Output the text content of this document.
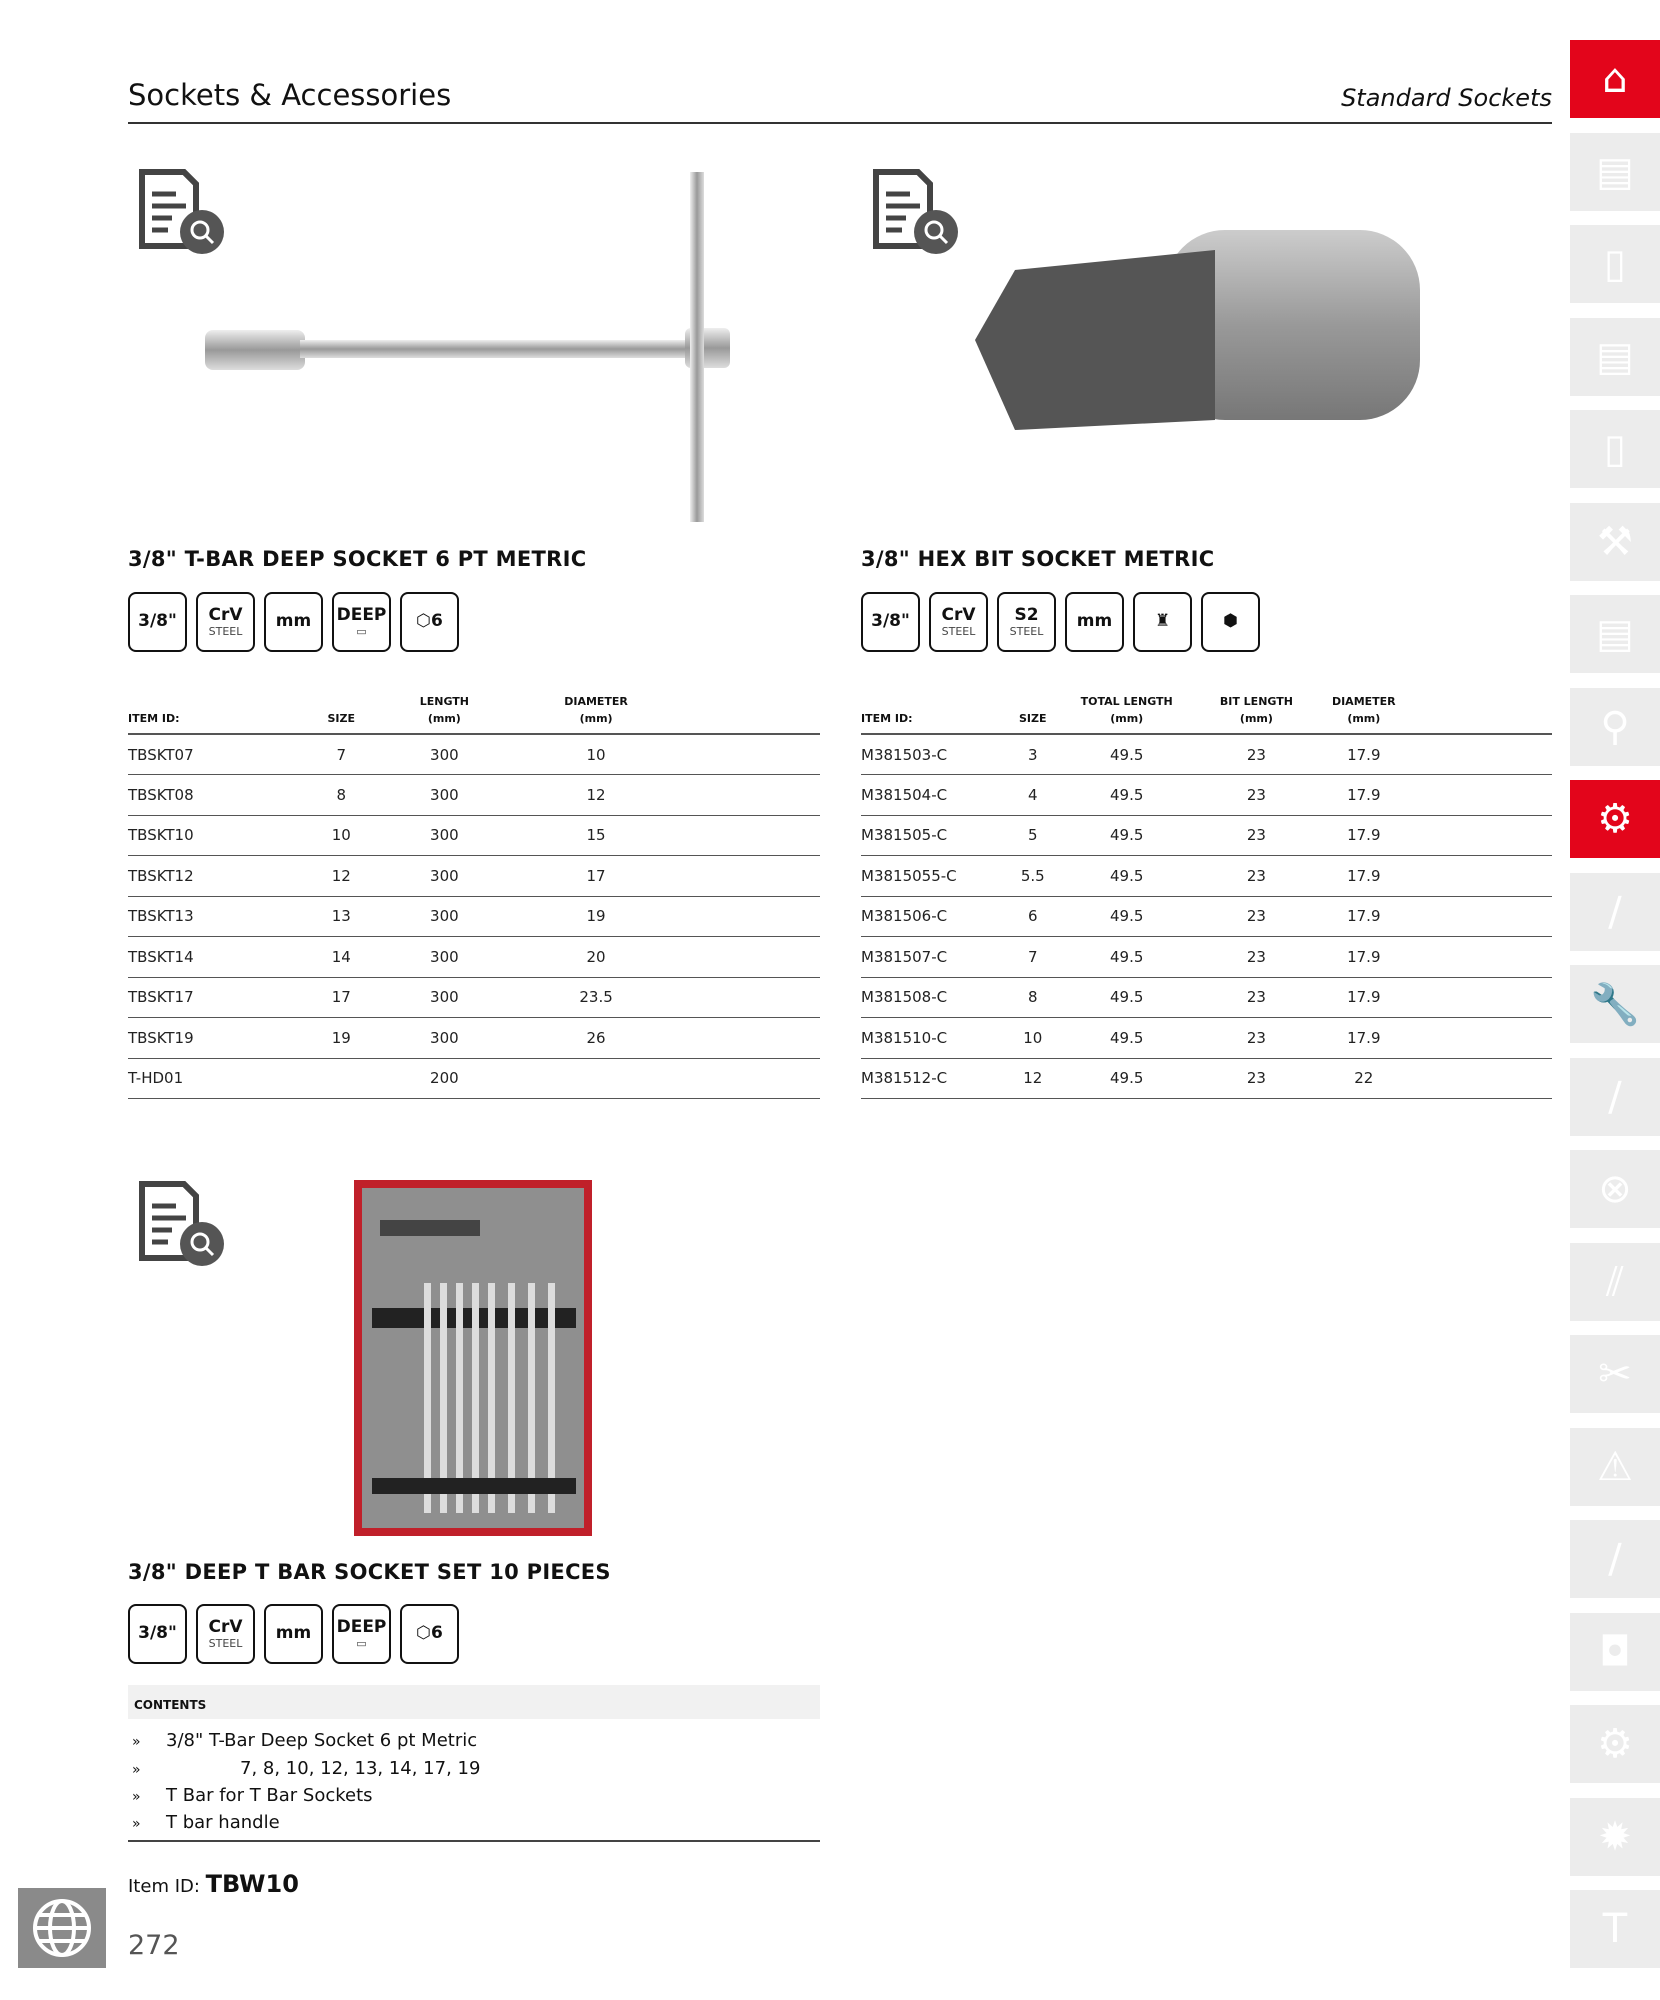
Sockets & Accessories	Standard Sockets
3/8" T-BAR DEEP SOCKET 6 PT METRIC
3/8" CrV
STEEL
mm DEEP
▭
⬡6
ITEM ID:	SIZE	LENGTH
(mm)	DIAMETER
(mm)	
TBSKT07	7	300	10	
TBSKT08	8	300	12	
TBSKT10	10	300	15	
TBSKT12	12	300	17	
TBSKT13	13	300	19	
TBSKT14	14	300	20	
TBSKT17	17	300	23.5	
TBSKT19	19	300	26	
T-HD01		200		
3/8" HEX BIT SOCKET METRIC
3/8" CrV
STEEL
S2
STEEL
mm	♜	⬢
ITEM ID:	SIZE	TOTAL LENGTH
(mm)	BIT LENGTH
(mm)	DIAMETER
(mm)	
M381503-C	3	49.5	23	17.9	
M381504-C	4	49.5	23	17.9	
M381505-C	5	49.5	23	17.9	
M3815055-C	5.5	49.5	23	17.9	
M381506-C	6	49.5	23	17.9	
M381507-C	7	49.5	23	17.9	
M381508-C	8	49.5	23	17.9	
M381510-C	10	49.5	23	17.9	
M381512-C	12	49.5	23	22	
3/8" DEEP T BAR SOCKET SET 10 PIECES
3/8" CrV
STEEL
mm DEEP
▭
⬡6
CONTENTS
» 3/8" T-Bar Deep Socket 6 pt Metric
»	7, 8, 10, 12, 13, 14, 17, 19
» T Bar for T Bar Sockets
» T bar handle
Item ID: TBW10
272
⌂
▤
▯
▤
▯
⚒
▤
⚲
⚙
∕
🔧
∕
⊗
⫽
✂
⚠
∕
◘
⚙
✹
T
